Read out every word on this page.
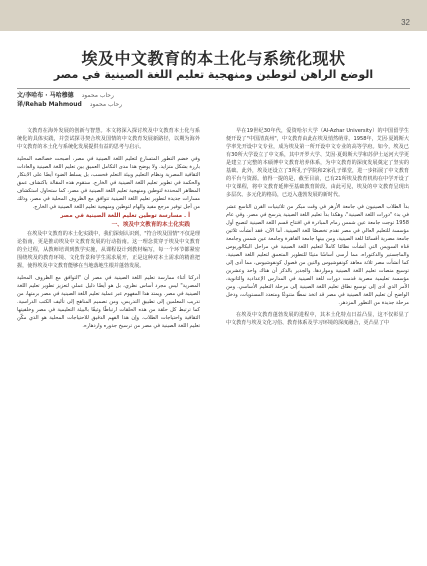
32
埃及中文教育的本土化与系统化现状
الوضع الراهن لتوطين ومنهجية تعليم اللغة الصينية في مصر
文/李哈布 · 马哈穆德 رحاب محمود
译/Rehab Mahmoud رحاب محمود

文教育在海外发展的创新与智慧。本文将深入探讨埃及中文教育本土化与系统化的具体实践，并尝试探寻契合埃及国情的中文教育发展新路径，以期为海外中文教育的本土化与系统化发展提供有益的思考与启示。

وفي خضم التطور المتسارع لتعليم اللغة الصينية في مصر، أصبحت خصائصه المحلية بارزة بشكل متزايد. ولا يوضح هذا مدى التكامل العميق بين تعليم اللغة الصينية والعادات الثقافية المصرية ونظام التعليم وبيئة التعلم فحسب، بل يسلط الضوء أيضًا على الابتكار والحكمة في تطوير تعليم اللغة الصينية في الخارج. ستقوم هذه المقالة باكتشاف عمق المظاهر المحددة لتوطين ومنهجية تعليم اللغة الصينية في مصر، كما ستحاول استكشاف مسارات جديدة لتطوير تعليم اللغة الصينية تتوافق مع الظروف المحلية في مصر، وذلك من أجل توفير مرجع مفيد والهام لتوطين ومنهجية تعليم اللغة الصينية في الخارج.

أ . مسارسة توطين تعليم اللغة الصينية في مصر

一、埃及中文教育的本土化实践

在埃及中文教育的本土化实践中，我们深刻认识到，"符合埃及国情"不仅是理论指南，更是推动埃及中文教育发展的行动指南。这一理念贯穿于埃及中文教育的全过程，从教师培训到教学实施，从课程设计到教材编写，每一个环节都紧密围绕埃及的教育环境、文化背景和学生需求展开，正是这种对本土需求的精准把握，使得埃及中文教育能够在当地落地生根并蓬勃发展。

أدركنا أثناء ممارسة تعليم اللغة الصينية في مصر أن "التوافق مع الظروف المحلية المصرية" ليس مجرد أساس نظري، بل هو أيضًا دليل عملي لتعزيز تطوير تعليم اللغة الصينية في مصر. ويمتد هذا المفهوم عبر عملية تعليم اللغة الصينية في مصر برمتها، من تدريب المعلمين إلى تطبيق التدريس، ومن تصميم المناهج إلى تأليف الكتب الدراسية. كما ترتبط كل حلقة من هذه الحلقات ارتباطًا وثيقًا بالبيئة التعليمية في مصر وخلفيتها الثقافية واحتياجات الطلاب. وإن هذا الفهم الدقيق للاحتياجات المحلية هو الذي مكّن تعليم اللغة الصينية في مصر من ترسيخ جذوره وازدهاره.

早在19世纪30年代，爱资哈尔大学（Al-Azhar University）的中国留学生便开设了"中国清真州"，中文教育由此在埃及悄然萌芽。1958年，艾因·夏姆斯大学率先开设中文专业，成为埃及第一所开设中文专业的高等学府。如今，埃及已有30所大学设立了中文系，其中开罗大学、艾因·夏姆斯大学和苏伊士运河大学更是建立了完整的本硕博中文教育培养体系，为中文教育的深度发展奠定了坚实的基础。此外，埃及还设立了3所孔子学院和2家孔子课堂，进一步拓展了中文教育的平台与资源。值得一提的是，截至目前，已有21所埃及教育机构在中学开设了中文课程，将中文教育延伸至基础教育阶段。由此可见，埃及的中文教育呈现出多层次、多元化的格局，已迈入蓬勃发展的新时代。

بدأ الطلاب الصينيون في جامعة الأزهر في وقت مبكر من ثلاثينيات القرن التاسع عشر في بدء "دورات اللغة الصينية"، وهكذا بدأ تعليم اللغة الصينية يترسخ في مصر. وفي عام 1958 توجت جامعة عين شمس زمام المبادرة في افتتاح قسم اللغة الصينية لتصبح أول مؤسسة للتعليم العالي في مصر تقدم تخصصًا للغة الصينية. أما الآن، فقد أنشأت ثلاثين جامعة مصرية أقسامًا للغة الصينية، ومن بينها جامعة القاهرة وجامعة عين شمس وجامعة قناة السويس التي أنشأت نظامًا كاملاً لتعليم اللغة الصينية في مراحل البكالوريوس والماجستير والدكتوراه، مما أرسى أساسًا متينًا للتطوير المتعمق لتعليم اللغة الصينية. كما أنشأت مصر ثلاثة معاهد كونفوشيوس والتين من فصول كونفوشيوس، مما أدى إلى توسيع منصات تعليم اللغة الصينية ومواردها. والجدير بالذكر أن هناك واحد وعشرين مؤسسة تعليمية مصرية قدمت دورات للغة الصينية في المدارس الإعدادية والثانوية، الأمر الذي أدى إلى توسيع نطاق تعليم اللغة الصينية إلى مرحلة التعليم الأساسي. ومن الواضح أن تعليم اللغة الصينية في مصر قد اتخذ نمطًا متنوعًا ومتعدد المستويات، ودخل مرحلة جديدة من التطور المزدهر.

在埃及中文教育蓬勃发展的进程中，其本土化特点日益凸显，这不仅彰显了中文教育与埃及文化习俗、教育体系及学习环境的深度融合，更凸显了中
